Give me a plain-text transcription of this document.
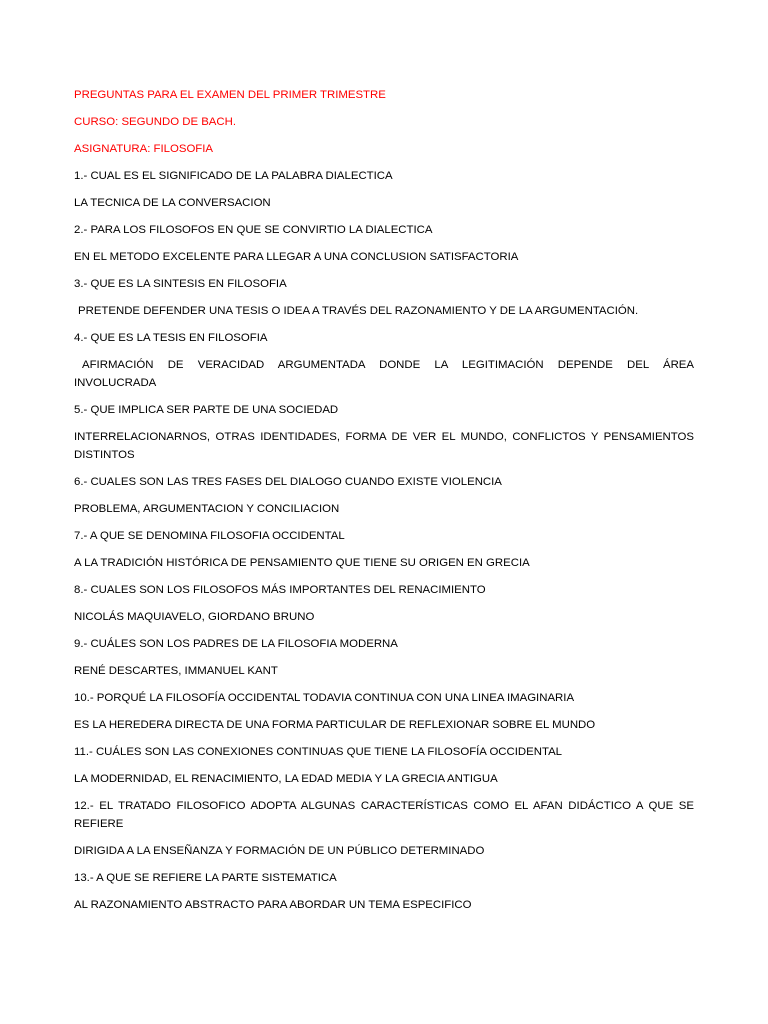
PREGUNTAS PARA EL EXAMEN DEL PRIMER TRIMESTRE
CURSO: SEGUNDO DE BACH.
ASIGNATURA: FILOSOFIA
1.- CUAL ES EL SIGNIFICADO DE LA PALABRA DIALECTICA
LA TECNICA DE LA CONVERSACION
2.- PARA LOS FILOSOFOS EN QUE SE CONVIRTIO LA DIALECTICA
EN EL METODO EXCELENTE PARA LLEGAR A UNA CONCLUSION SATISFACTORIA
3.- QUE ES LA SINTESIS EN FILOSOFIA
PRETENDE DEFENDER UNA TESIS O IDEA A TRAVÉS DEL RAZONAMIENTO Y DE LA ARGUMENTACIÓN.
4.- QUE ES LA TESIS EN FILOSOFIA
AFIRMACIÓN DE VERACIDAD ARGUMENTADA DONDE LA LEGITIMACIÓN DEPENDE DEL ÁREA INVOLUCRADA
5.- QUE IMPLICA SER PARTE DE UNA SOCIEDAD
INTERRELACIONARNOS, OTRAS IDENTIDADES, FORMA DE VER EL MUNDO, CONFLICTOS Y PENSAMIENTOS DISTINTOS
6.- CUALES SON LAS TRES FASES DEL DIALOGO CUANDO EXISTE VIOLENCIA
PROBLEMA, ARGUMENTACION Y CONCILIACION
7.- A QUE SE DENOMINA FILOSOFIA OCCIDENTAL
A LA TRADICIÓN HISTÓRICA DE PENSAMIENTO QUE TIENE SU ORIGEN EN GRECIA
8.- CUALES SON LOS FILOSOFOS MÁS IMPORTANTES DEL RENACIMIENTO
NICOLÁS MAQUIAVELO, GIORDANO BRUNO
9.- CUÁLES SON LOS PADRES DE LA FILOSOFIA MODERNA
RENÉ DESCARTES, IMMANUEL KANT
10.- PORQUÉ LA FILOSOFÍA OCCIDENTAL TODAVIA CONTINUA CON UNA LINEA IMAGINARIA
ES LA HEREDERA DIRECTA DE UNA FORMA PARTICULAR DE REFLEXIONAR SOBRE EL MUNDO
11.- CUÁLES SON LAS CONEXIONES CONTINUAS QUE TIENE LA FILOSOFÍA OCCIDENTAL
LA MODERNIDAD, EL RENACIMIENTO, LA EDAD MEDIA Y LA GRECIA ANTIGUA
12.- EL TRATADO FILOSOFICO ADOPTA ALGUNAS CARACTERÍSTICAS COMO EL AFAN DIDÁCTICO A QUE SE REFIERE
DIRIGIDA A LA ENSEÑANZA Y FORMACIÓN DE UN PÚBLICO DETERMINADO
13.- A QUE SE REFIERE LA PARTE SISTEMATICA
AL RAZONAMIENTO ABSTRACTO PARA ABORDAR UN TEMA ESPECIFICO
